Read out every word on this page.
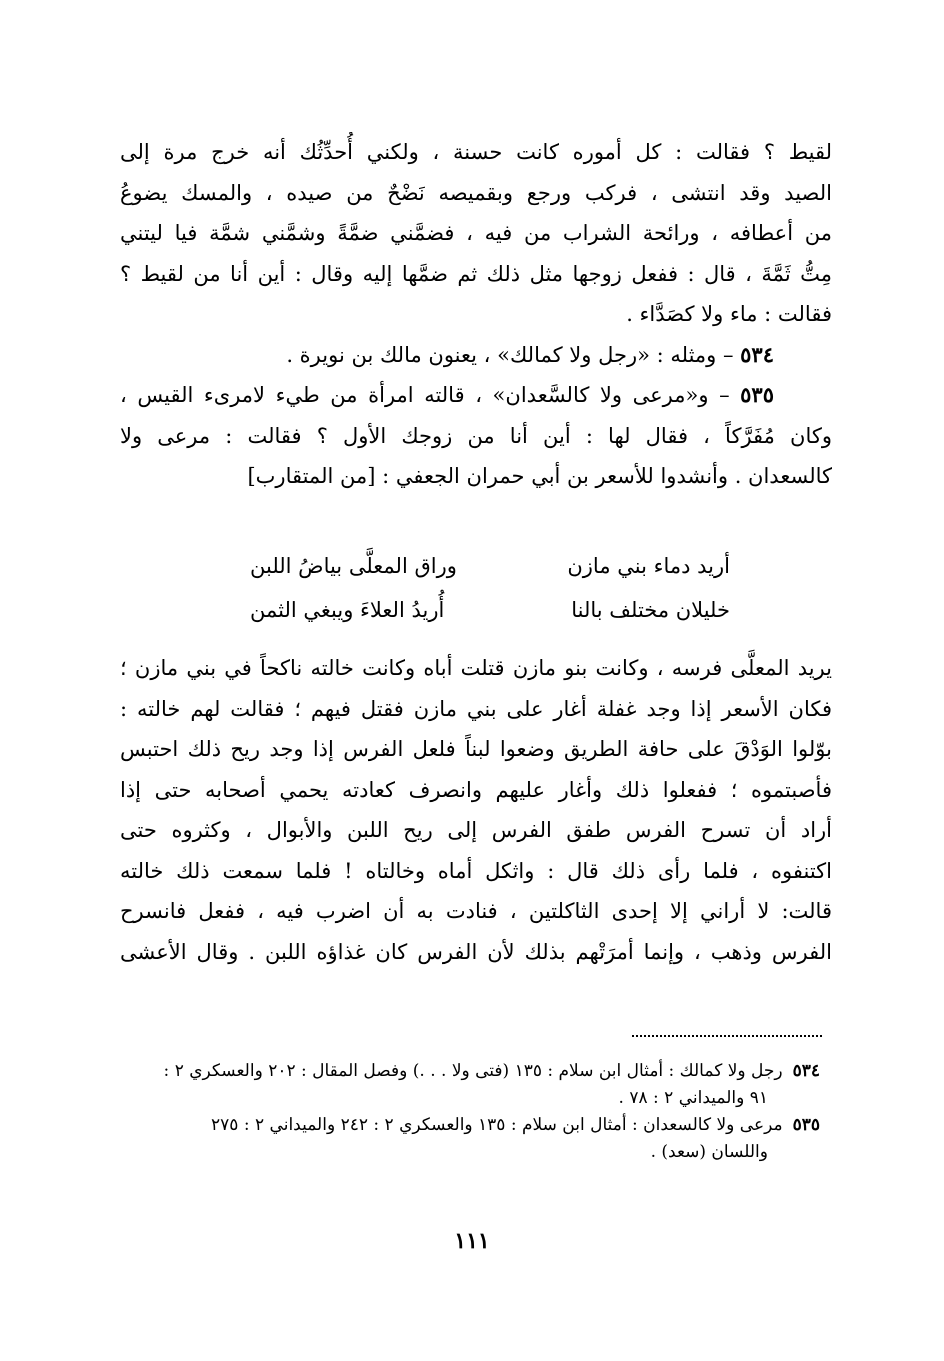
لقيط ؟ فقالت : كل أموره كانت حسنة ، ولكني أُحدِّثُك أنه خرج مرة إلى
الصيد وقد انتشى ، فركب ورجع وبقميصه نَضْحٌ من صيده ، والمسك يضوعُ
من أعطافه ، ورائحة الشراب من فيه ، فضمَّني ضمَّةً وشمَّني شمَّة فيا ليتني
مِتُّ ثَمَّةَ ، قال : ففعل زوجها مثل ذلك ثم ضمَّها إليه وقال : أين أنا من لقيط ؟
فقالت : ماء ولا كصَدَّاء .
٥٣٤ – ومثله : «رجل ولا كمالك» ، يعنون مالك بن نويرة .
٥٣٥ – و«مرعى ولا كالسَّعدان» ، قالته امرأة من طيء لامرىء القيس ،
وكان مُفَرَّكاً ، فقال لها : أين أنا من زوجك الأول ؟ فقالت : مرعى ولا
كالسعدان . وأنشدوا للأسعر بن أبي حمران الجعفي : [من المتقارب]
أريد دماء بني مازن
وراق المعلَّى بياضُ اللبن
خليلان مختلف بالنا
أُريدُ العلاءَ ويبغي الثمن
يريد المعلَّى فرسه ، وكانت بنو مازن قتلت أباه وكانت خالته ناكحاً في بني مازن ؛
فكان الأسعر إذا وجد غفلة أغار على بني مازن فقتل فيهم ؛ فقالت لهم خالته :
بوّلوا الوَدْقَ على حافة الطريق وضعوا لبناً فلعل الفرس إذا وجد ريح ذلك احتبس
فأصبتموه ؛ ففعلوا ذلك وأغار عليهم وانصرف كعادته يحمي أصحابه حتى إذا
أراد أن تسرح الفرس طفق الفرس إلى ريح اللبن والأبوال ، وكثروه حتى
اكتنفوه ، فلما رأى ذلك قال : واثكل أماه وخالتاه ! فلما سمعت ذلك خالته
قالت: لا أراني إلا إحدى الثاكلتين ، فنادت به أن اضرب فيه ، ففعل فانسرح
الفرس وذهب ، وإنما أمرَتْهم بذلك لأن الفرس كان غذاؤه اللبن . وقال الأعشى
٥٣٤رجل ولا كمالك : أمثال ابن سلام : ١٣٥ (فتى ولا . . .) وفصل المقال : ٢٠٢ والعسكري ٢ :
٩١ والميداني ٢ : ٧٨ .
٥٣٥مرعى ولا كالسعدان : أمثال ابن سلام : ١٣٥ والعسكري ٢ : ٢٤٢ والميداني ٢ : ٢٧٥
واللسان (سعد) .
١١١
